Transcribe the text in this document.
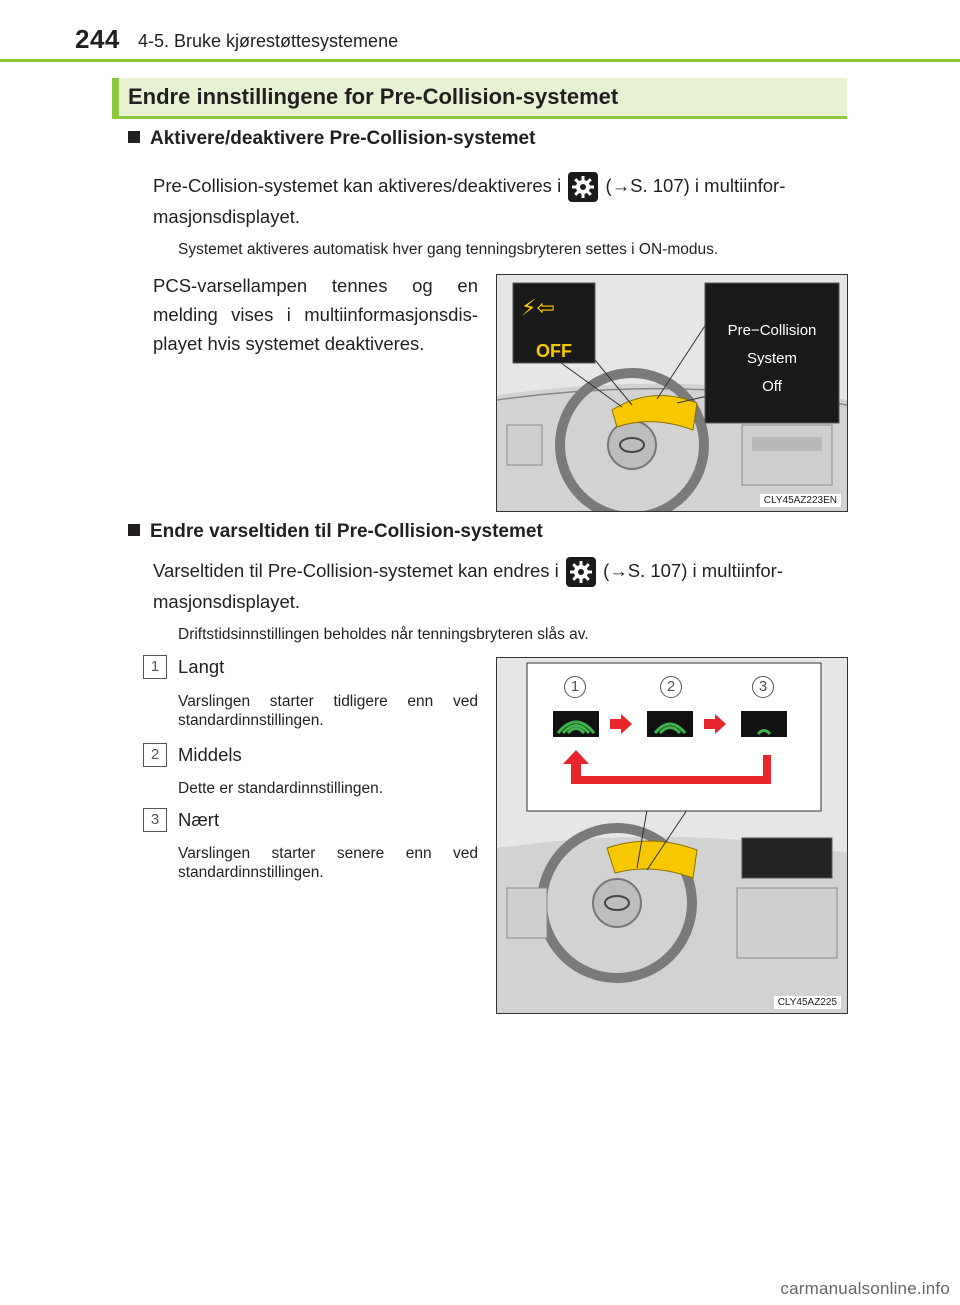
244 4-5. Bruke kjørestøttesystemene
Endre innstillingene for Pre-Collision-systemet
Aktivere/deaktivere Pre-Collision-systemet
Pre-Collision-systemet kan aktiveres/deaktiveres i (→S. 107) i multiinfor-
masjonsdisplayet.
Systemet aktiveres automatisk hver gang tenningsbryteren settes i ON-modus.
PCS-varsellampen tennes og en melding vises i multiinformasjonsdis-playet hvis systemet deaktiveres.
⚡⇦
OFF
Pre−Collision
System
Off
CLY45AZ223EN
Endre varseltiden til Pre-Collision-systemet
Varseltiden til Pre-Collision-systemet kan endres i (→S. 107) i multiinfor-
masjonsdisplayet.
Driftstidsinnstillingen beholdes når tenningsbryteren slås av.
1	Langt
Varslingen starter tidligere enn ved standardinnstillingen.
2	Middels
Dette er standardinnstillingen.
3	Nært
Varslingen starter senere enn ved standardinnstillingen.
1	2	3
CLY45AZ225
carmanualsonline.info
